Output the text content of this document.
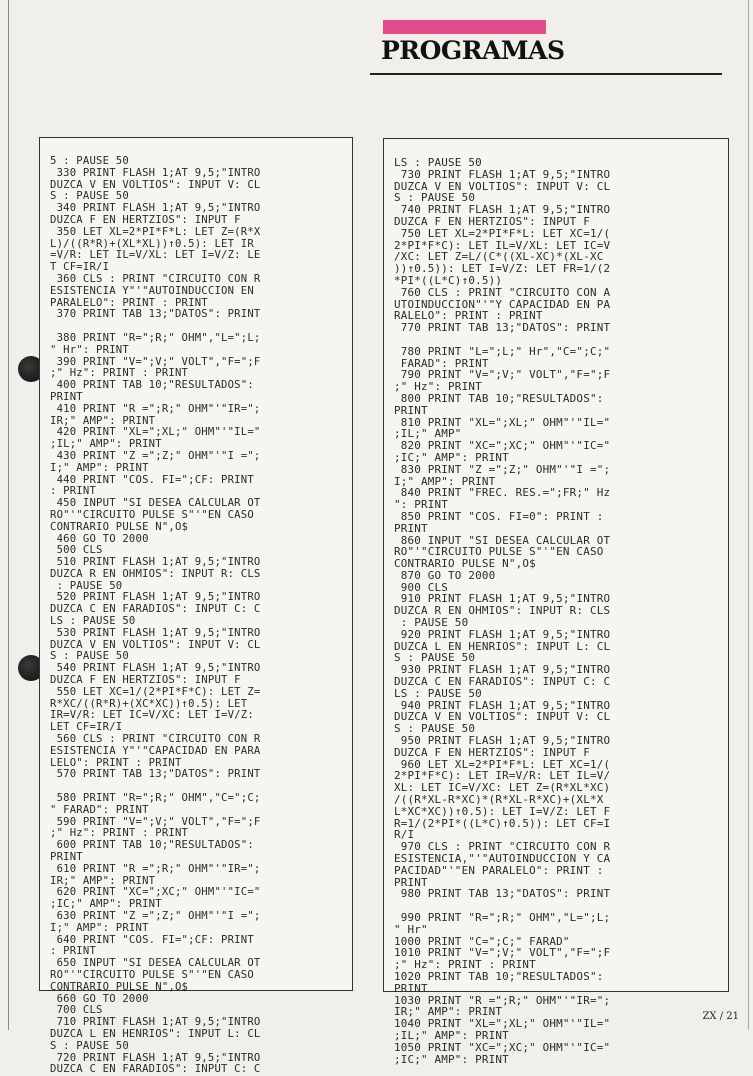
PROGRAMAS
5 : PAUSE 50
330 PRINT FLASH 1;AT 9,5;"INTRO
DUZCA V EN VOLTIOS": INPUT V: CL
S : PAUSE 50
340 PRINT FLASH 1;AT 9,5;"INTRO
DUZCA F EN HERTZIOS": INPUT F
350 LET XL=2*PI*F*L: LET Z=(R*X
L)/((R*R)+(XL*XL))↑0.5): LET IR
=V/R: LET IL=V/XL: LET I=V/Z: LE
T CF=IR/I
360 CLS : PRINT "CIRCUITO CON R
ESISTENCIA Y"'"AUTOINDUCCION EN
PARALELO": PRINT : PRINT
370 PRINT TAB 13;"DATOS": PRINT

380 PRINT "R=";R;" OHM","L=";L;
" Hr": PRINT
390 PRINT "V=";V;" VOLT","F=";F
;" Hz": PRINT : PRINT
400 PRINT TAB 10;"RESULTADOS":
PRINT
410 PRINT "R =";R;" OHM"'"IR=";
IR;" AMP": PRINT
420 PRINT "XL=";XL;" OHM"'"IL="
;IL;" AMP": PRINT
430 PRINT "Z =";Z;" OHM"'"I =";
I;" AMP": PRINT
440 PRINT "COS. FI=";CF: PRINT
: PRINT
450 INPUT "SI DESEA CALCULAR OT
RO"'"CIRCUITO PULSE S"'"EN CASO
CONTRARIO PULSE N",O$
460 GO TO 2000
500 CLS
510 PRINT FLASH 1;AT 9,5;"INTRO
DUZCA R EN OHMIOS": INPUT R: CLS
: PAUSE 50
520 PRINT FLASH 1;AT 9,5;"INTRO
DUZCA C EN FARADIOS": INPUT C: C
LS : PAUSE 50
530 PRINT FLASH 1;AT 9,5;"INTRO
DUZCA V EN VOLTIOS": INPUT V: CL
S : PAUSE 50
540 PRINT FLASH 1;AT 9,5;"INTRO
DUZCA F EN HERTZIOS": INPUT F
550 LET XC=1/(2*PI*F*C): LET Z=
R*XC/((R*R)+(XC*XC))↑0.5): LET
IR=V/R: LET IC=V/XC: LET I=V/Z:
LET CF=IR/I
560 CLS : PRINT "CIRCUITO CON R
ESISTENCIA Y"'"CAPACIDAD EN PARA
LELO": PRINT : PRINT
570 PRINT TAB 13;"DATOS": PRINT

580 PRINT "R=";R;" OHM","C=";C;
" FARAD": PRINT
590 PRINT "V=";V;" VOLT","F=";F
;" Hz": PRINT : PRINT
600 PRINT TAB 10;"RESULTADOS":
PRINT
610 PRINT "R =";R;" OHM"'"IR=";
IR;" AMP": PRINT
620 PRINT "XC=";XC;" OHM"'"IC="
;IC;" AMP": PRINT
630 PRINT "Z =";Z;" OHM"'"I =";
I;" AMP": PRINT
640 PRINT "COS. FI=";CF: PRINT
: PRINT
650 INPUT "SI DESEA CALCULAR OT
RO"'"CIRCUITO PULSE S"'"EN CASO
CONTRARIO PULSE N",O$
660 GO TO 2000
700 CLS
710 PRINT FLASH 1;AT 9,5;"INTRO
DUZCA L EN HENRIOS": INPUT L: CL
S : PAUSE 50
720 PRINT FLASH 1;AT 9,5;"INTRO
DUZCA C EN FARADIOS": INPUT C: C
LS : PAUSE 50
730 PRINT FLASH 1;AT 9,5;"INTRO
DUZCA V EN VOLTIOS": INPUT V: CL
S : PAUSE 50
740 PRINT FLASH 1;AT 9,5;"INTRO
DUZCA F EN HERTZIOS": INPUT F
750 LET XL=2*PI*F*L: LET XC=1/(
2*PI*F*C): LET IL=V/XL: LET IC=V
/XC: LET Z=L/(C*((XL-XC)*(XL-XC
))↑0.5)): LET I=V/Z: LET FR=1/(2
*PI*((L*C)↑0.5))
760 CLS : PRINT "CIRCUITO CON A
UTOINDUCCION"'"Y CAPACIDAD EN PA
RALELO": PRINT : PRINT
770 PRINT TAB 13;"DATOS": PRINT

780 PRINT "L=";L;" Hr","C=";C;"
FARAD": PRINT
790 PRINT "V=";V;" VOLT","F=";F
;" Hz": PRINT
800 PRINT TAB 10;"RESULTADOS":
PRINT
810 PRINT "XL=";XL;" OHM"'"IL="
;IL;" AMP"
820 PRINT "XC=";XC;" OHM"'"IC="
;IC;" AMP": PRINT
830 PRINT "Z =";Z;" OHM"'"I =";
I;" AMP": PRINT
840 PRINT "FREC. RES.=";FR;" Hz
": PRINT
850 PRINT "COS. FI=0": PRINT :
PRINT
860 INPUT "SI DESEA CALCULAR OT
RO"'"CIRCUITO PULSE S"'"EN CASO
CONTRARIO PULSE N",O$
870 GO TO 2000
900 CLS
910 PRINT FLASH 1;AT 9,5;"INTRO
DUZCA R EN OHMIOS": INPUT R: CLS
: PAUSE 50
920 PRINT FLASH 1;AT 9,5;"INTRO
DUZCA L EN HENRIOS": INPUT L: CL
S : PAUSE 50
930 PRINT FLASH 1;AT 9,5;"INTRO
DUZCA C EN FARADIOS": INPUT C: C
LS : PAUSE 50
940 PRINT FLASH 1;AT 9,5;"INTRO
DUZCA V EN VOLTIOS": INPUT V: CL
S : PAUSE 50
950 PRINT FLASH 1;AT 9,5;"INTRO
DUZCA F EN HERTZIOS": INPUT F
960 LET XL=2*PI*F*L: LET XC=1/(
2*PI*F*C): LET IR=V/R: LET IL=V/
XL: LET IC=V/XC: LET Z=(R*XL*XC)
/((R*XL-R*XC)*(R*XL-R*XC)+(XL*X
L*XC*XC))↑0.5): LET I=V/Z: LET F
R=1/(2*PI*((L*C)↑0.5)): LET CF=I
R/I
970 CLS : PRINT "CIRCUITO CON R
ESISTENCIA,"'"AUTOINDUCCION Y CA
PACIDAD"'"EN PARALELO": PRINT :
PRINT
980 PRINT TAB 13;"DATOS": PRINT

990 PRINT "R=";R;" OHM","L=";L;
" Hr"
1000 PRINT "C=";C;" FARAD"
1010 PRINT "V=";V;" VOLT","F=";F
;" Hz": PRINT : PRINT
1020 PRINT TAB 10;"RESULTADOS":
PRINT
1030 PRINT "R =";R;" OHM"'"IR=";
IR;" AMP": PRINT
1040 PRINT "XL=";XL;" OHM"'"IL="
;IL;" AMP": PRINT
1050 PRINT "XC=";XC;" OHM"'"IC="
;IC;" AMP": PRINT
ZX / 21
